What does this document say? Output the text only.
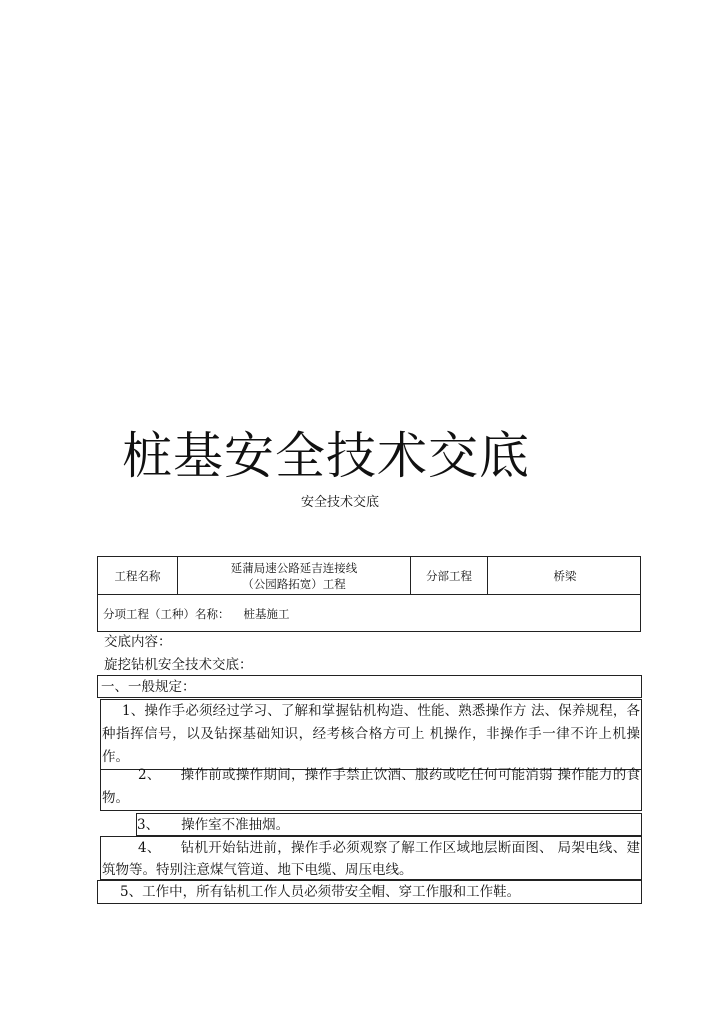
桩基安全技术交底
安全技术交底
工程名称
延蒲局速公路延吉连接线
（公园路拓宽）工程
分部工程	桥梁
分项工程（工种）名称： 桩基施工
交底内容：
旋挖钻机安全技术交底：
一、一般规定：
1、操作手必须经过学习、了解和掌握钻机构造、性能、熟悉操作方 法、保养规程，各种指挥信号，以及钻探基础知识，经考核合格方可上 机操作，非操作手一律不许上机操作。
2、 操作前或操作期间，操作手禁止饮酒、服药或吃任何可能消弱 操作能力的食物。
3、 操作室不准抽烟。
4、 钻机开始钻进前，操作手必须观察了解工作区域地层断面图、 局架电线、建筑物等。特别注意煤气管道、地下电缆、周压电线。
5、工作中，所有钻机工作人员必须带安全帽、穿工作服和工作鞋。
